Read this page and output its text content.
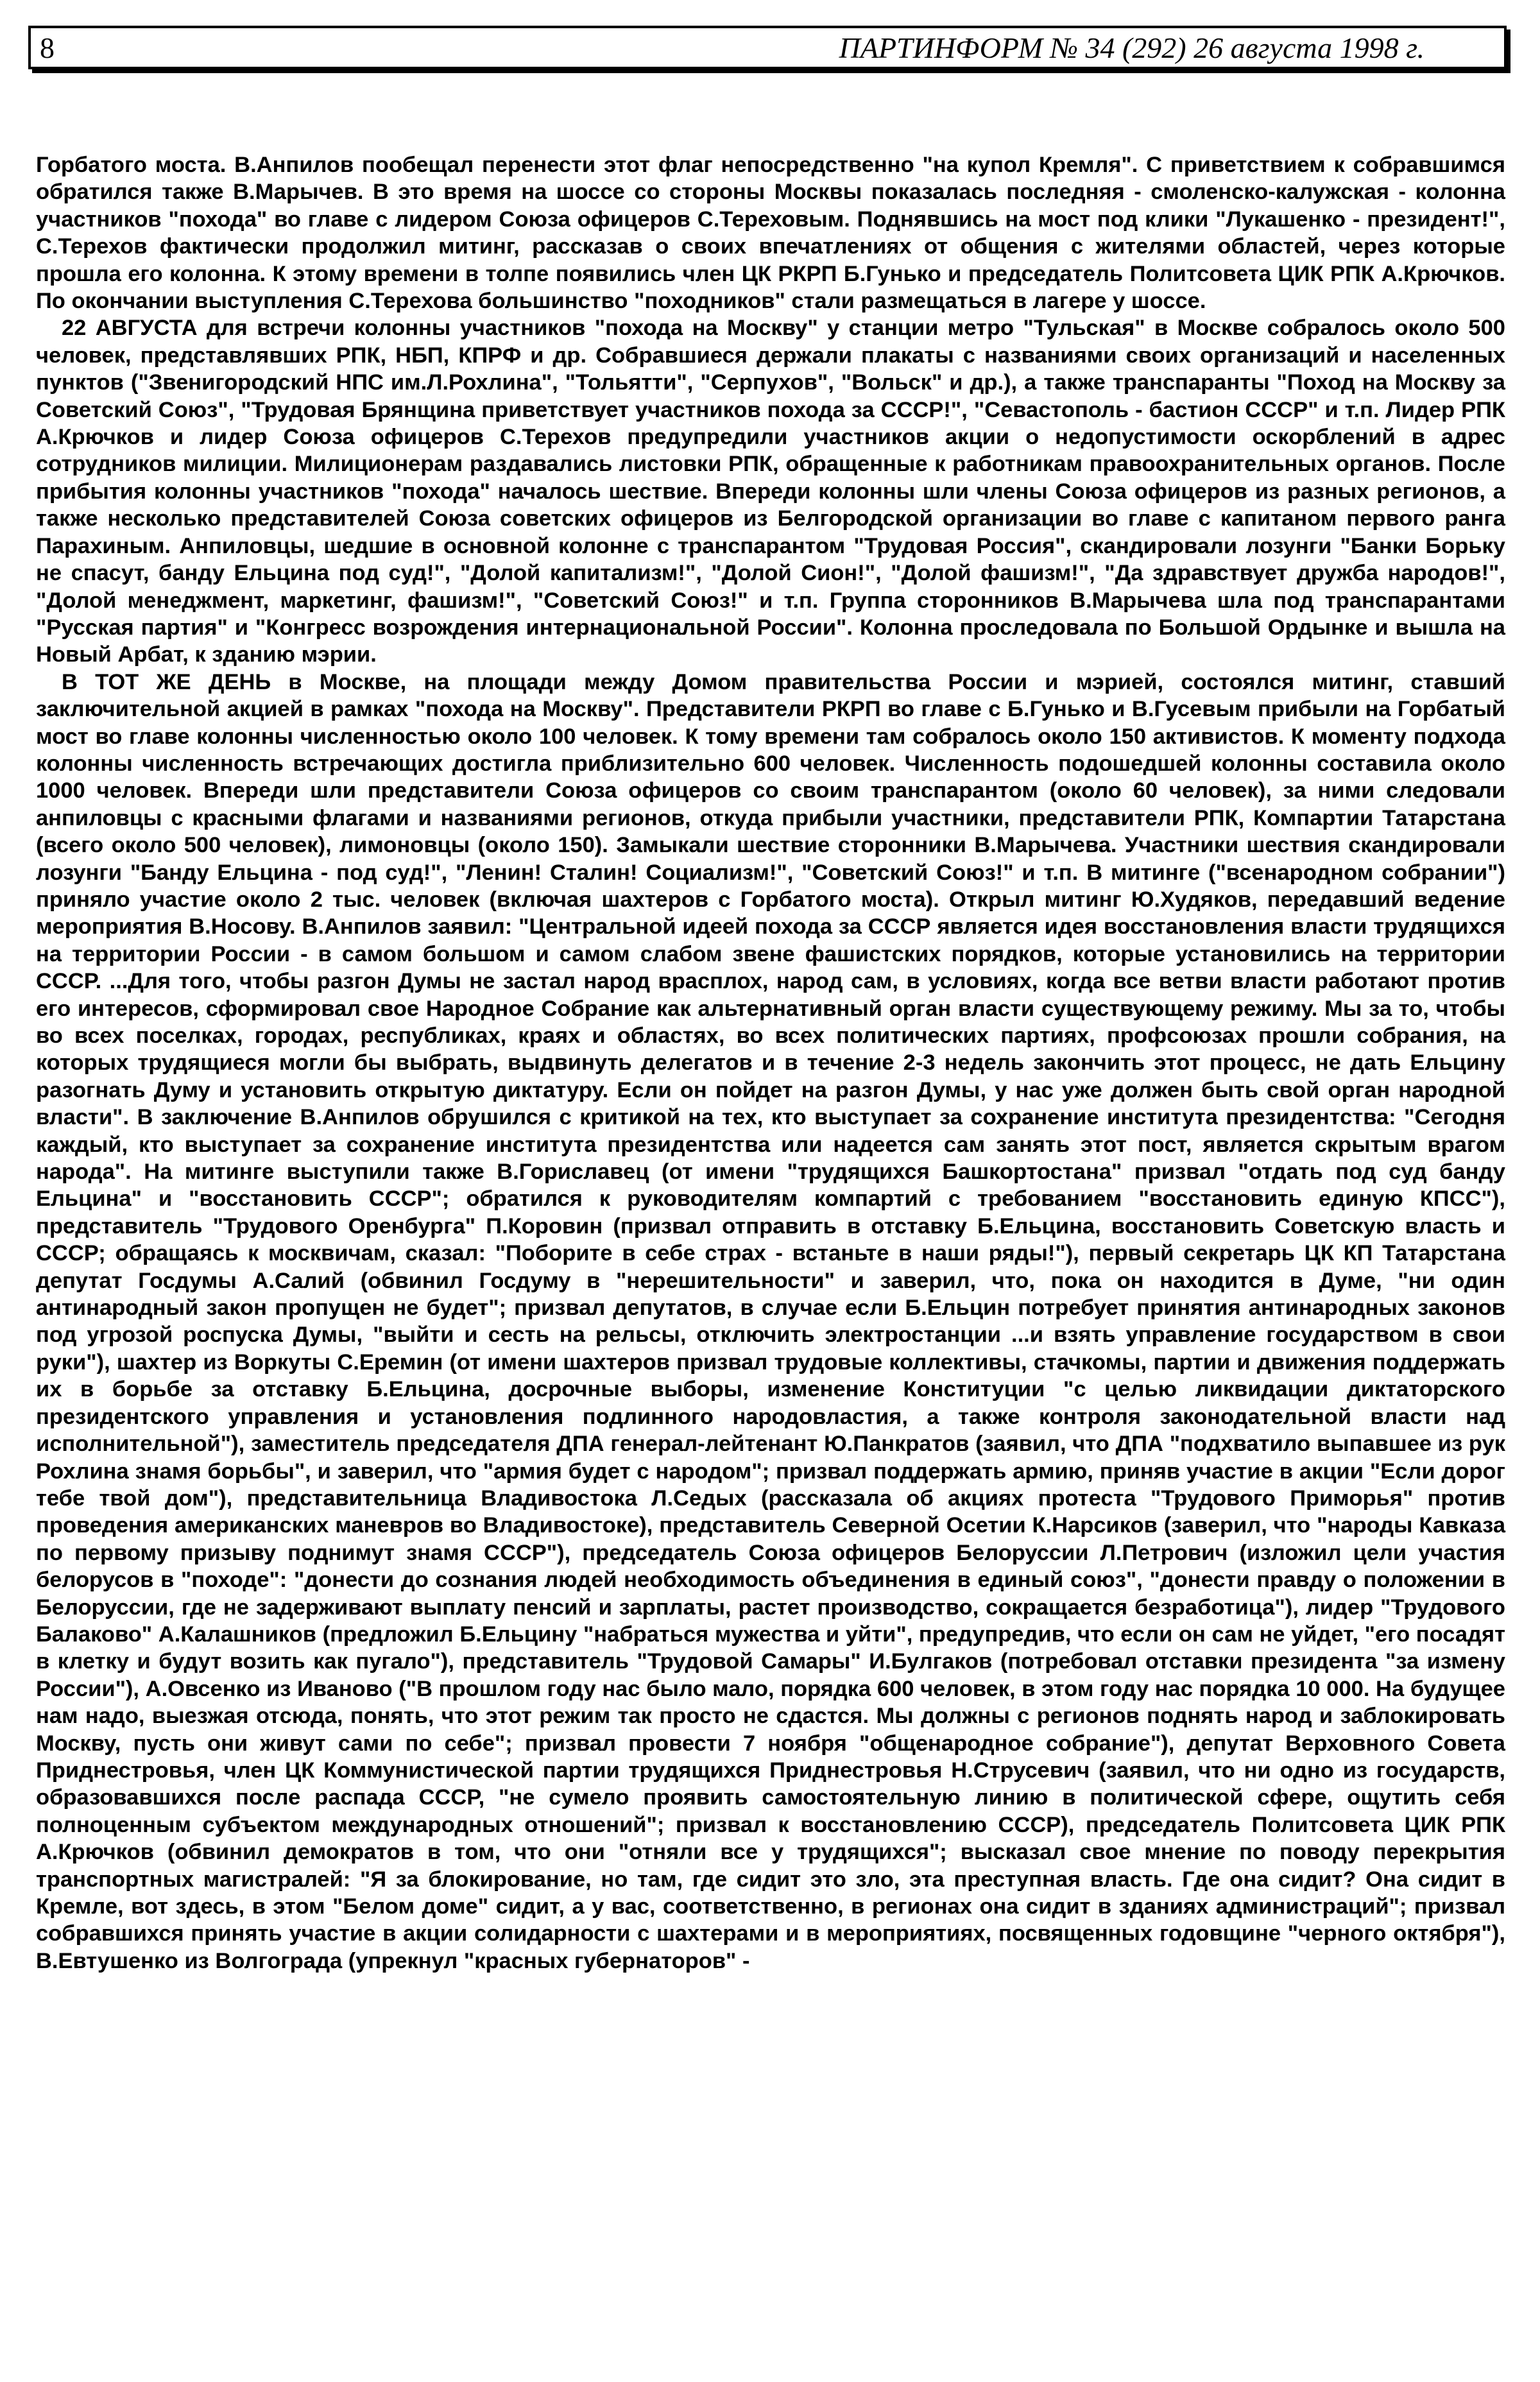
8	ПАРТИНФОРМ № 34 (292) 26 августа 1998 г.

Горбатого моста. В.Анпилов пообещал перенести этот флаг непосредственно "на купол Кремля". С приветствием к собравшимся обратился также В.Марычев. В это время на шоссе со стороны Москвы показалась последняя - смоленско-калужская - колонна участников "похода" во главе с лидером Союза офицеров С.Тереховым. Поднявшись на мост под клики "Лукашенко - президент!", С.Терехов фактически продолжил митинг, рассказав о своих впечатлениях от общения с жителями областей, через которые прошла его колонна. К этому времени в толпе появились член ЦК РКРП Б.Гунько и председатель Политсовета ЦИК РПК А.Крючков. По окончании выступления С.Терехова большинство "походников" стали размещаться в лагере у шоссе.

22 АВГУСТА для встречи колонны участников "похода на Москву" у станции метро "Тульская" в Москве собралось около 500 человек, представлявших РПК, НБП, КПРФ и др. Собравшиеся держали плакаты с названиями своих организаций и населенных пунктов ("Звенигородский НПС им.Л.Рохлина", "Тольятти", "Серпухов", "Вольск" и др.), а также транспаранты "Поход на Москву за Советский Союз", "Трудовая Брянщина приветствует участников похода за СССР!", "Севастополь - бастион СССР" и т.п. Лидер РПК А.Крючков и лидер Союза офицеров С.Терехов предупредили участников акции о недопустимости оскорблений в адрес сотрудников милиции. Милиционерам раздавались листовки РПК, обращенные к работникам правоохранительных органов. После прибытия колонны участников "похода" началось шествие. Впереди колонны шли члены Союза офицеров из разных регионов, а также несколько представителей Союза советских офицеров из Белгородской организации во главе с капитаном первого ранга Парахиным. Анпиловцы, шедшие в основной колонне с транспарантом "Трудовая Россия", скандировали лозунги "Банки Борьку не спасут, банду Ельцина под суд!", "Долой капитализм!", "Долой Сион!", "Долой фашизм!", "Да здравствует дружба народов!", "Долой менеджмент, маркетинг, фашизм!", "Советский Союз!" и т.п. Группа сторонников В.Марычева шла под транспарантами "Русская партия" и "Конгресс возрождения интернациональной России". Колонна проследовала по Большой Ордынке и вышла на Новый Арбат, к зданию мэрии.

В ТОТ ЖЕ ДЕНЬ в Москве, на площади между Домом правительства России и мэрией, состоялся митинг, ставший заключительной акцией в рамках "похода на Москву". Представители РКРП во главе с Б.Гунько и В.Гусевым прибыли на Горбатый мост во главе колонны численностью около 100 человек. К тому времени там собралось около 150 активистов. К моменту подхода колонны численность встречающих достигла приблизительно 600 человек. Численность подошедшей колонны составила около 1000 человек. Впереди шли представители Союза офицеров со своим транспарантом (около 60 человек), за ними следовали анпиловцы с красными флагами и названиями регионов, откуда прибыли участники, представители РПК, Компартии Татарстана (всего около 500 человек), лимоновцы (около 150). Замыкали шествие сторонники В.Марычева. Участники шествия скандировали лозунги "Банду Ельцина - под суд!", "Ленин! Сталин! Социализм!", "Советский Союз!" и т.п. В митинге ("всенародном собрании") приняло участие около 2 тыс. человек (включая шахтеров с Горбатого моста). Открыл митинг Ю.Худяков, передавший ведение мероприятия В.Носову. В.Анпилов заявил: "Центральной идеей похода за СССР является идея восстановления власти трудящихся на территории России - в самом большом и самом слабом звене фашистских порядков, которые установились на территории СССР. ...Для того, чтобы разгон Думы не застал народ врасплох, народ сам, в условиях, когда все ветви власти работают против его интересов, сформировал свое Народное Собрание как альтернативный орган власти существующему режиму. Мы за то, чтобы во всех поселках, городах, республиках, краях и областях, во всех политических партиях, профсоюзах прошли собрания, на которых трудящиеся могли бы выбрать, выдвинуть делегатов и в течение 2-3 недель закончить этот процесс, не дать Ельцину разогнать Думу и установить открытую диктатуру. Если он пойдет на разгон Думы, у нас уже должен быть свой орган народной власти". В заключение В.Анпилов обрушился с критикой на тех, кто выступает за сохранение института президентства: "Сегодня каждый, кто выступает за сохранение института президентства или надеется сам занять этот пост, является скрытым врагом народа". На митинге выступили также В.Гориславец (от имени "трудящихся Башкортостана" призвал "отдать под суд банду Ельцина" и "восстановить СССР"; обратился к руководителям компартий с требованием "восстановить единую КПСС"), представитель "Трудового Оренбурга" П.Коровин (призвал отправить в отставку Б.Ельцина, восстановить Советскую власть и СССР; обращаясь к москвичам, сказал: "Поборите в себе страх - встаньте в наши ряды!"), первый секретарь ЦК КП Татарстана депутат Госдумы А.Салий (обвинил Госдуму в "нерешительности" и заверил, что, пока он находится в Думе, "ни один антинародный закон пропущен не будет"; призвал депутатов, в случае если Б.Ельцин потребует принятия антинародных законов под угрозой роспуска Думы, "выйти и сесть на рельсы, отключить электростанции ...и взять управление государством в свои руки"), шахтер из Воркуты С.Еремин (от имени шахтеров призвал трудовые коллективы, стачкомы, партии и движения поддержать их в борьбе за отставку Б.Ельцина, досрочные выборы, изменение Конституции "с целью ликвидации диктаторского президентского управления и установления подлинного народовластия, а также контроля законодательной власти над исполнительной"), заместитель председателя ДПА генерал-лейтенант Ю.Панкратов (заявил, что ДПА "подхватило выпавшее из рук Рохлина знамя борьбы", и заверил, что "армия будет с народом"; призвал поддержать армию, приняв участие в акции "Если дорог тебе твой дом"), представительница Владивостока Л.Седых (рассказала об акциях протеста "Трудового Приморья" против проведения американских маневров во Владивостоке), представитель Северной Осетии К.Нарсиков (заверил, что "народы Кавказа по первому призыву поднимут знамя СССР"), председатель Союза офицеров Белоруссии Л.Петрович (изложил цели участия белорусов в "походе": "донести до сознания людей необходимость объединения в единый союз", "донести правду о положении в Белоруссии, где не задерживают выплату пенсий и зарплаты, растет производство, сокращается безработица"), лидер "Трудового Балаково" А.Калашников (предложил Б.Ельцину "набраться мужества и уйти", предупредив, что если он сам не уйдет, "его посадят в клетку и будут возить как пугало"), представитель "Трудовой Самары" И.Булгаков (потребовал отставки президента "за измену России"), А.Овсенко из Иваново ("В прошлом году нас было мало, порядка 600 человек, в этом году нас порядка 10 000. На будущее нам надо, выезжая отсюда, понять, что этот режим так просто не сдастся. Мы должны с регионов поднять народ и заблокировать Москву, пусть они живут сами по себе"; призвал провести 7 ноября "общенародное собрание"), депутат Верховного Совета Приднестровья, член ЦК Коммунистической партии трудящихся Приднестровья Н.Струсевич (заявил, что ни одно из государств, образовавшихся после распада СССР, "не сумело проявить самостоятельную линию в политической сфере, ощутить себя полноценным субъектом международных отношений"; призвал к восстановлению СССР), председатель Политсовета ЦИК РПК А.Крючков (обвинил демократов в том, что они "отняли все у трудящихся"; высказал свое мнение по поводу перекрытия транспортных магистралей: "Я за блокирование, но там, где сидит это зло, эта преступная власть. Где она сидит? Она сидит в Кремле, вот здесь, в этом "Белом доме" сидит, а у вас, соответственно, в регионах она сидит в зданиях администраций"; призвал собравшихся принять участие в акции солидарности с шахтерами и в мероприятиях, посвященных годовщине "черного октября"), В.Евтушенко из Волгограда (упрекнул "красных губернаторов" -
